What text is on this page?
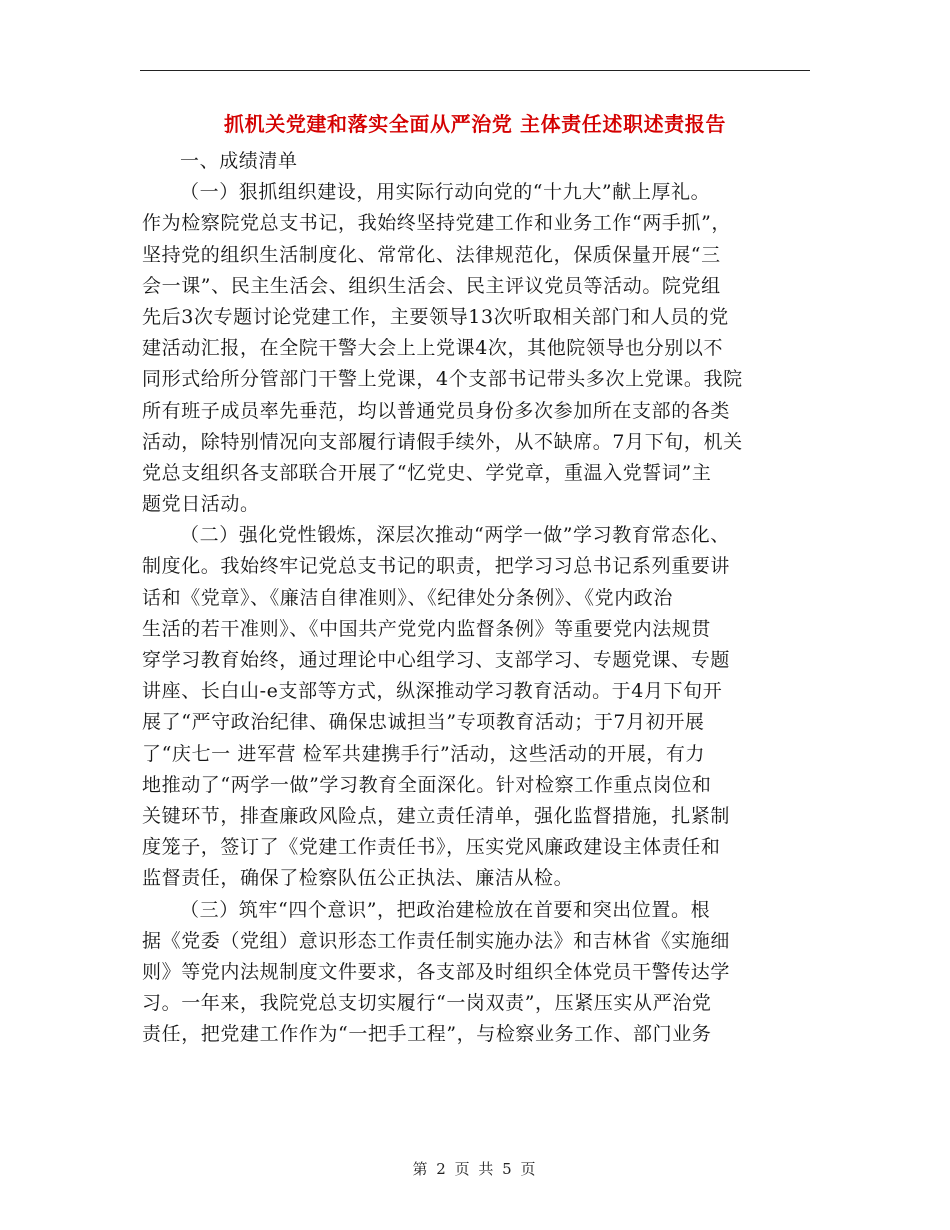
抓机关党建和落实全面从严治党 主体责任述职述责报告
一、成绩清单
（一）狠抓组织建设，用实际行动向党的“十九大”献上厚礼。
作为检察院党总支书记，我始终坚持党建工作和业务工作“两手抓”，
坚持党的组织生活制度化、常常化、法律规范化，保质保量开展“三
会一课”、民主生活会、组织生活会、民主评议党员等活动。院党组
先后3次专题讨论党建工作，主要领导13次听取相关部门和人员的党
建活动汇报，在全院干警大会上上党课4次，其他院领导也分别以不
同形式给所分管部门干警上党课，4个支部书记带头多次上党课。我院
所有班子成员率先垂范，均以普通党员身份多次参加所在支部的各类
活动，除特别情况向支部履行请假手续外，从不缺席。7月下旬，机关
党总支组织各支部联合开展了“忆党史、学党章，重温入党誓词”主
题党日活动。
（二）强化党性锻炼，深层次推动“两学一做”学习教育常态化、
制度化。我始终牢记党总支书记的职责，把学习习总书记系列重要讲
话和《党章》、《廉洁自律准则》、《纪律处分条例》、《党内政治
生活的若干准则》、《中国共产党党内监督条例》等重要党内法规贯
穿学习教育始终，通过理论中心组学习、支部学习、专题党课、专题
讲座、长白山-e支部等方式，纵深推动学习教育活动。于4月下旬开
展了“严守政治纪律、确保忠诚担当”专项教育活动；于7月初开展
了“庆七一 进军营 检军共建携手行”活动，这些活动的开展，有力
地推动了“两学一做”学习教育全面深化。针对检察工作重点岗位和
关键环节，排查廉政风险点，建立责任清单，强化监督措施，扎紧制
度笼子，签订了《党建工作责任书》，压实党风廉政建设主体责任和
监督责任，确保了检察队伍公正执法、廉洁从检。
（三）筑牢“四个意识”，把政治建检放在首要和突出位置。根
据《党委（党组）意识形态工作责任制实施办法》和吉林省《实施细
则》等党内法规制度文件要求，各支部及时组织全体党员干警传达学
习。一年来，我院党总支切实履行“一岗双责”，压紧压实从严治党
责任，把党建工作作为“一把手工程”，与检察业务工作、部门业务
第 2 页 共 5 页
